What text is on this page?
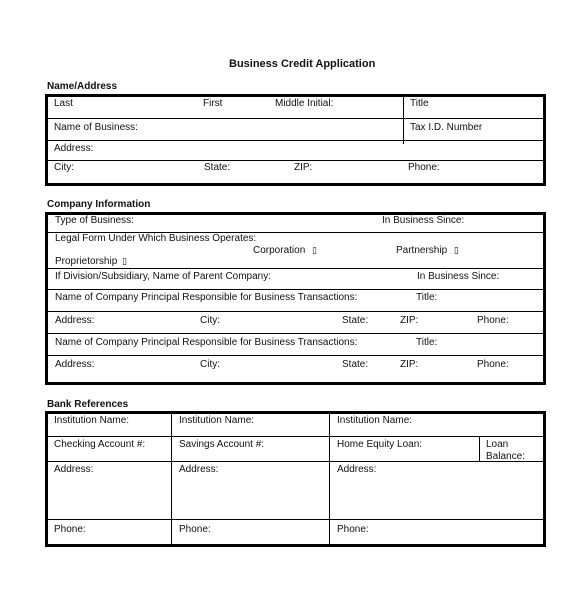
Business Credit Application
Name/Address
Last	First	Middle Initial:	Title
Name of Business:	Tax I.D. Number
Address:
City:	State:	ZIP:	Phone:
Company Information
Type of Business:	In Business Since:
Legal Form Under Which Business Operates:
Corporation ▯	Partnership ▯
Proprietorship ▯
If Division/Subsidiary, Name of Parent Company:	In Business Since:
Name of Company Principal Responsible for Business Transactions:	Title:
Address:	City:	State:	ZIP:	Phone:
Name of Company Principal Responsible for Business Transactions:	Title:
Address:	City:	State:	ZIP:	Phone:
Bank References
Institution Name:	Institution Name:	Institution Name:
Checking Account #:	Savings Account #:	Home Equity Loan:	Loan
Balance:
Address:	Address:	Address:
Phone:	Phone:	Phone:
